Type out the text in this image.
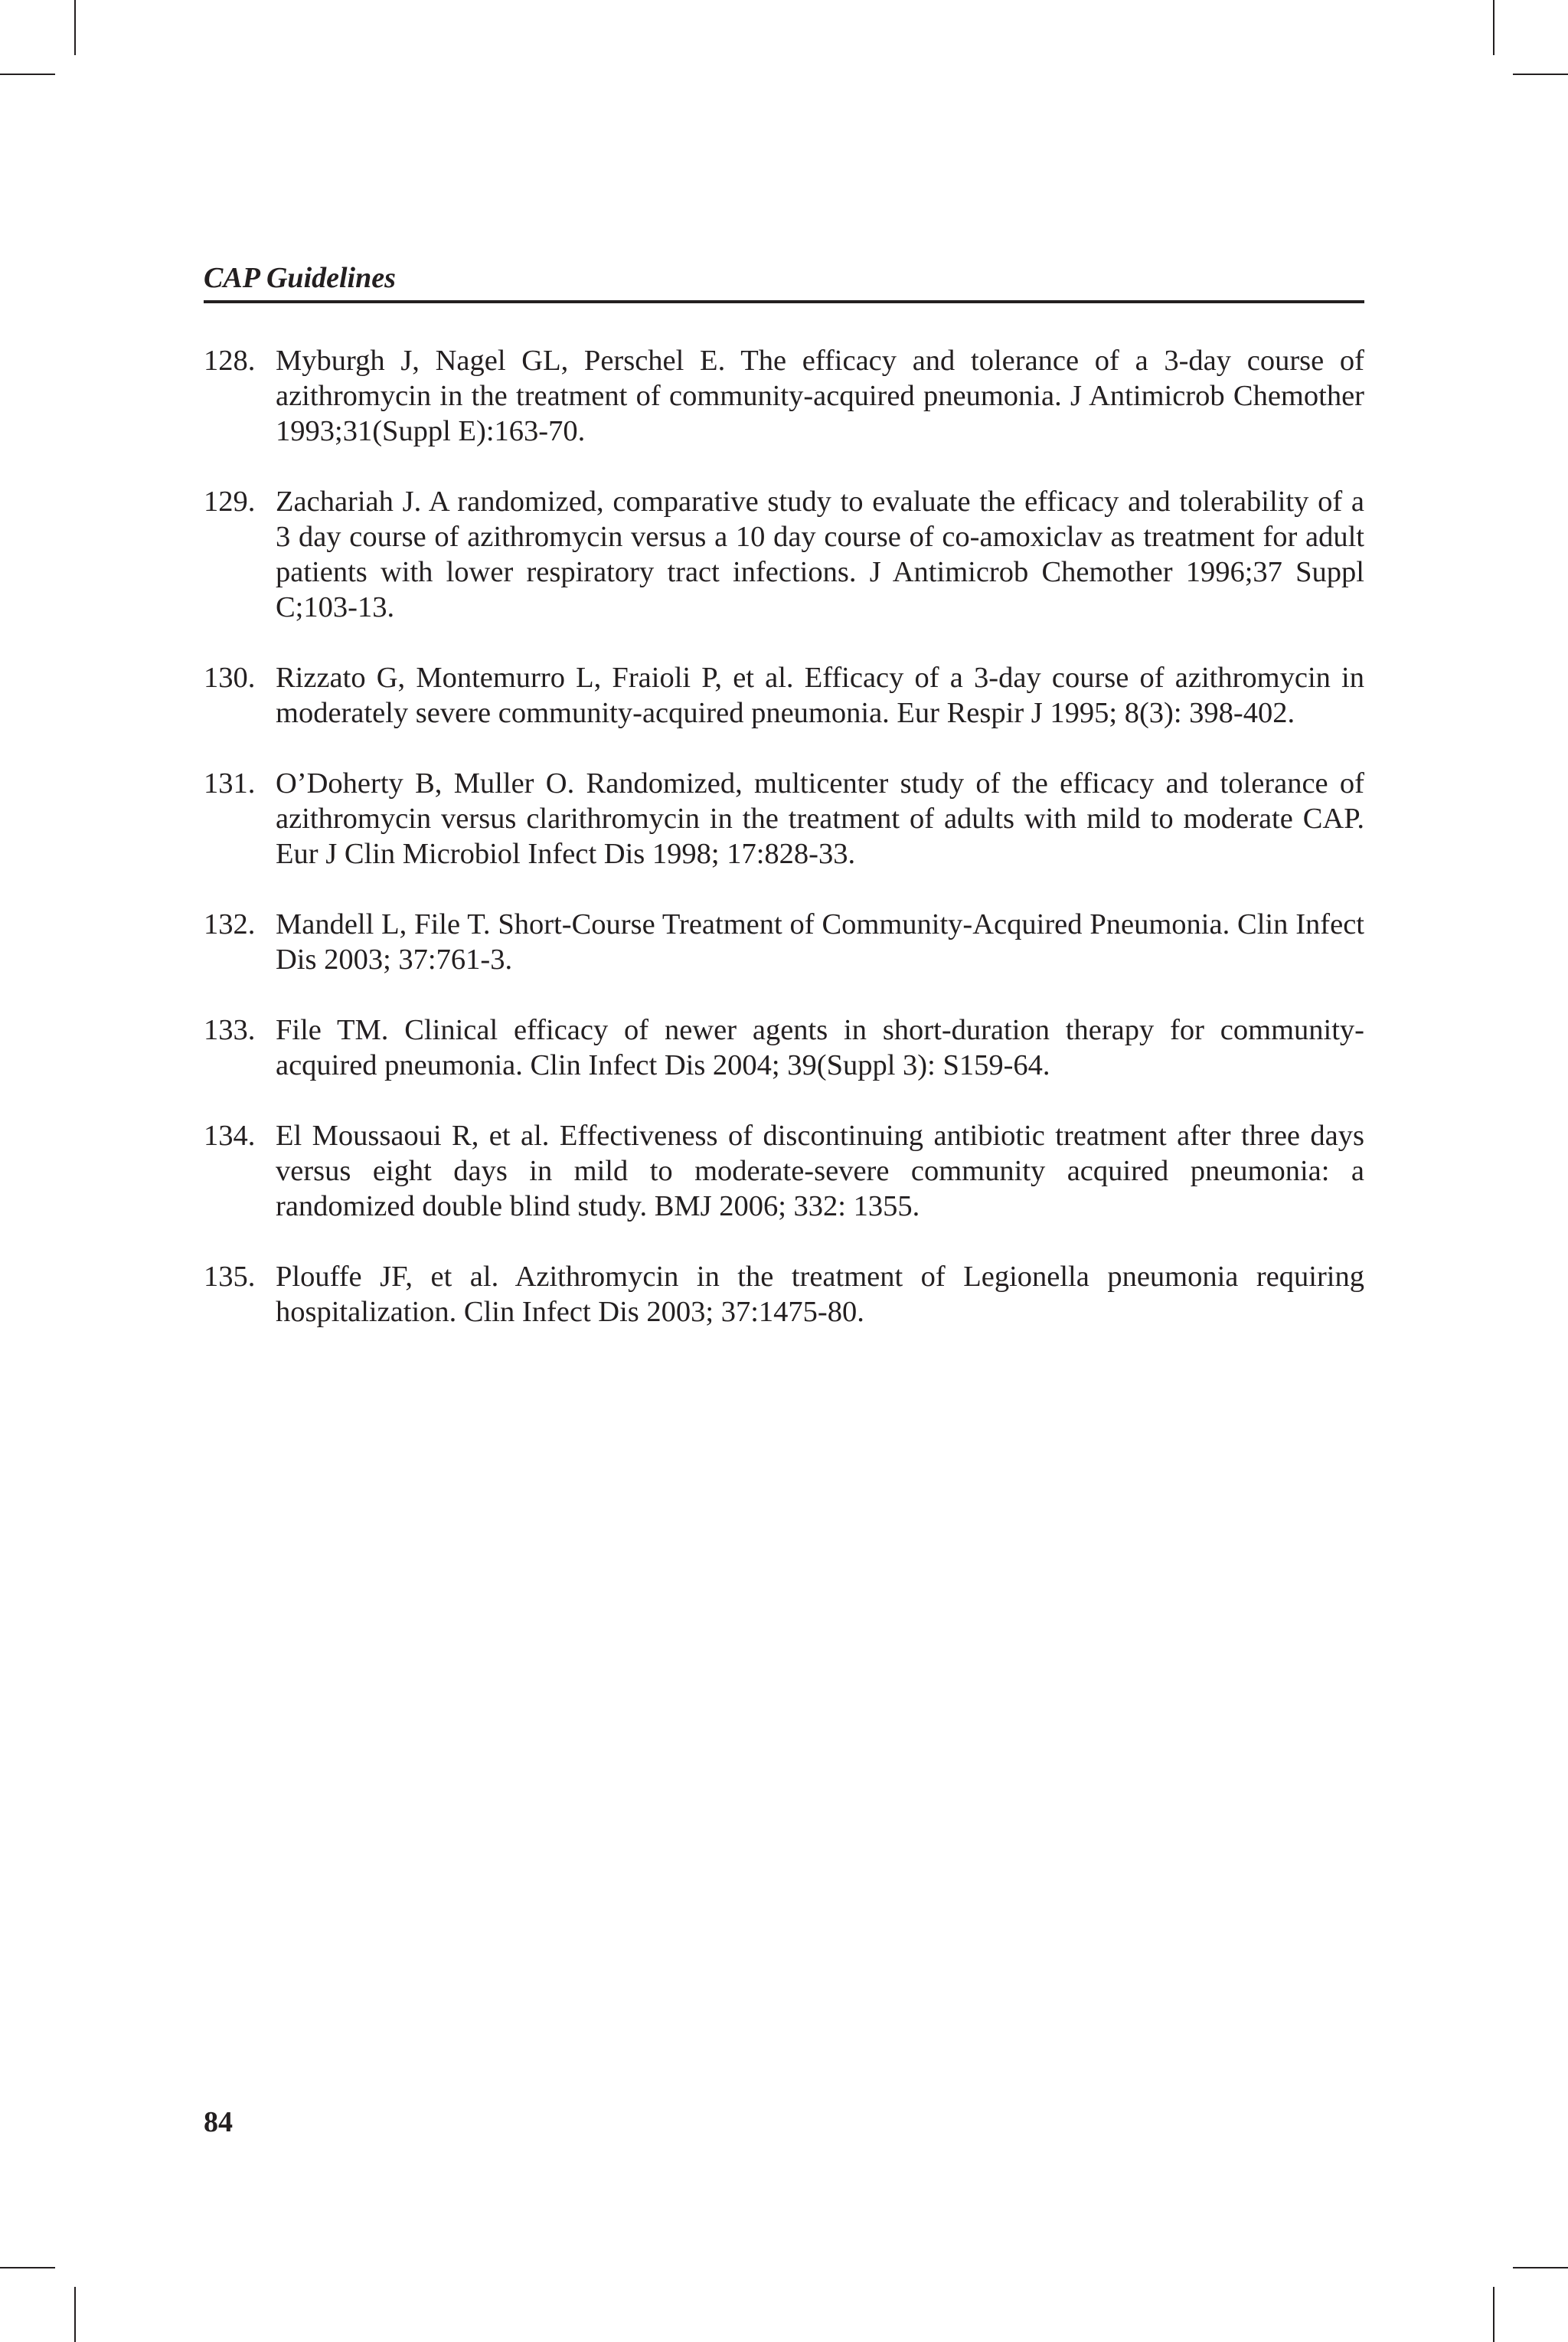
CAP Guidelines
128. Myburgh J, Nagel GL, Perschel E. The efficacy and tolerance of a 3-day course of azithromycin in the treatment of community-acquired pneumonia. J Antimicrob Chemother 1993;31(Suppl E):163-70.
129. Zachariah J. A randomized, comparative study to evaluate the efficacy and tolerability of a 3 day course of azithromycin versus a 10 day course of co-amoxiclav as treatment for adult patients with lower respiratory tract infections. J Antimicrob Chemother 1996;37 Suppl C;103-13.
130. Rizzato G, Montemurro L, Fraioli P, et al. Efficacy of a 3-day course of azithromycin in moderately severe community-acquired pneumonia. Eur Respir J 1995; 8(3): 398-402.
131. O’Doherty B, Muller O. Randomized, multicenter study of the efficacy and tolerance of azithromycin versus clarithromycin in the treatment of adults with mild to moderate CAP. Eur J Clin Microbiol Infect Dis 1998; 17:828-33.
132. Mandell L, File T. Short-Course Treatment of Community-Acquired Pneumonia. Clin Infect Dis 2003; 37:761-3.
133. File TM. Clinical efficacy of newer agents in short-duration therapy for community-acquired pneumonia. Clin Infect Dis 2004; 39(Suppl 3): S159-64.
134. El Moussaoui R, et al. Effectiveness of discontinuing antibiotic treatment after three days versus eight days in mild to moderate-severe community acquired pneumonia: a randomized double blind study. BMJ 2006; 332: 1355.
135. Plouffe JF, et al. Azithromycin in the treatment of Legionella pneumonia requiring hospitalization. Clin Infect Dis 2003; 37:1475-80.
84
